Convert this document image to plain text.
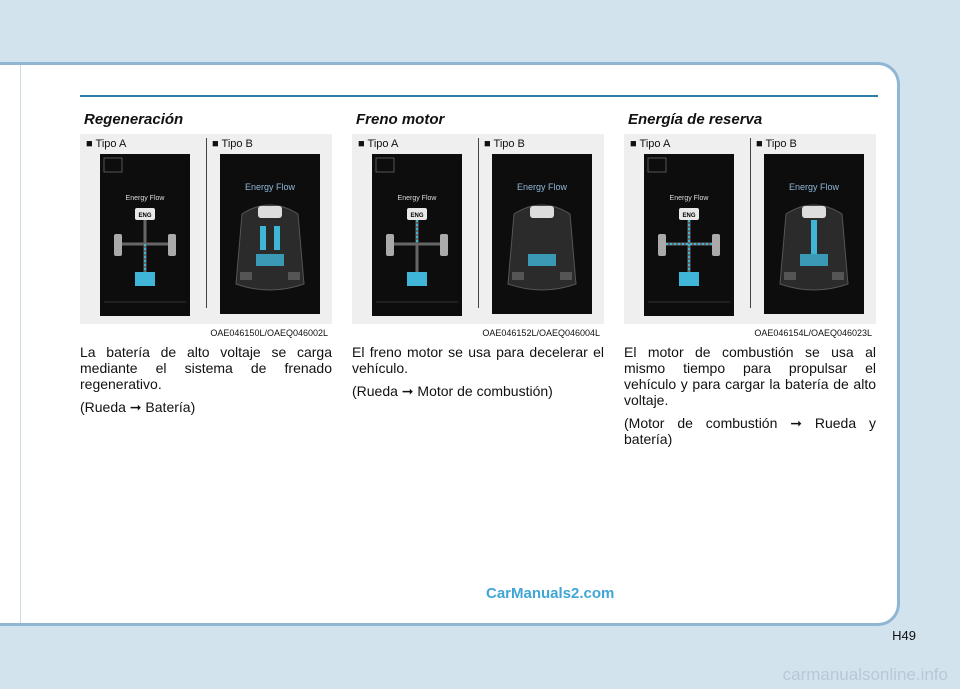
Regeneración
■ Tipo A	■ Tipo B
Energy Flow
ENG
Energy Flow
OAE046150L/OAEQ046002L

La batería de alto voltaje se carga mediante el sistema de frenado regenerativo.

(Rueda ➞ Batería)

Freno motor
■ Tipo A	■ Tipo B
Energy Flow
ENG
Energy Flow
OAE046152L/OAEQ046004L

El freno motor se usa para decelerar el vehículo.

(Rueda ➞ Motor de combustión)

Energía de reserva
■ Tipo A	■ Tipo B
Energy Flow
ENG
Energy Flow
OAE046154L/OAEQ046023L

El motor de combustión se usa al mismo tiempo para propulsar el vehículo y para cargar la batería de alto voltaje.

(Motor de combustión ➞ Rueda y batería)

CarManuals2.com
H49
carmanualsonline.info
